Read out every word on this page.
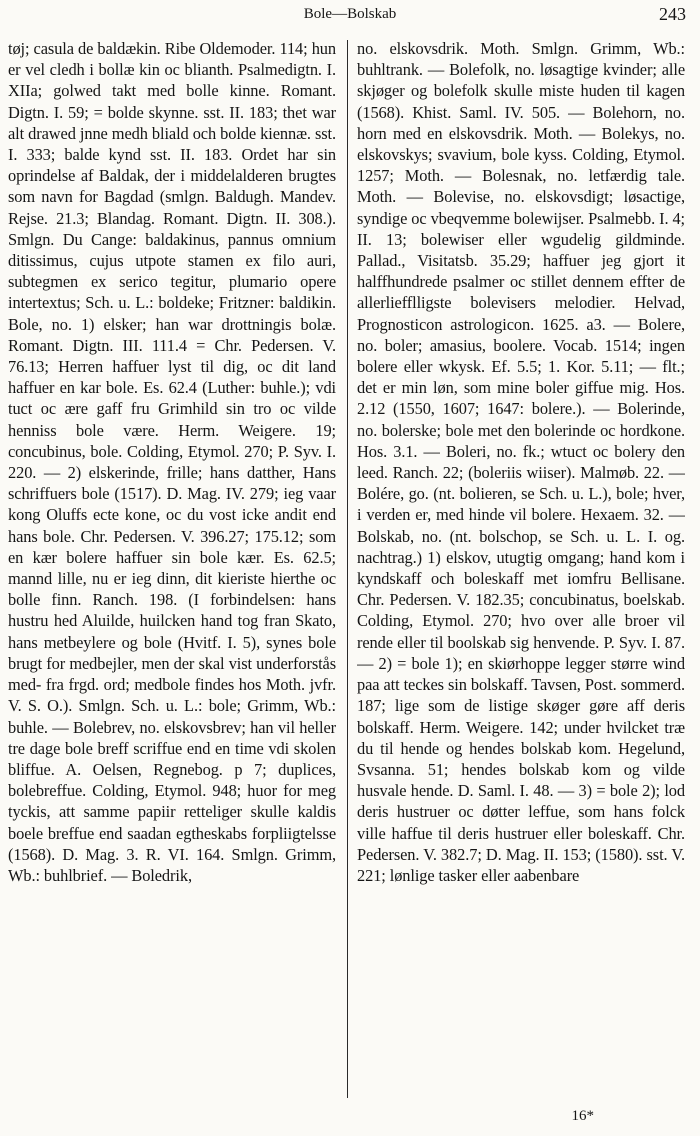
Bole—Bolskab	243

tøj; casula de baldækin. Ribe Oldemoder. 114; hun er vel cledh i bollæ kin oc blianth. Psalmedigtn. I. XIIa; golwed takt med bolle kinne. Romant. Digtn. I. 59; = bolde skynne. sst. II. 183; thet war alt drawed jnne medh bliald och bolde kiennæ. sst. I. 333; balde kynd sst. II. 183. Ordet har sin oprindelse af Baldak, der i middelalderen brugtes som navn for Bagdad (smlgn. Baldugh. Mandev. Rejse. 21.3; Blandag. Romant. Digtn. II. 308.). Smlgn. Du Cange: baldakinus, pannus omnium ditissimus, cujus utpote stamen ex filo auri, subtegmen ex serico tegitur, plumario opere intertextus; Sch. u. L.: boldeke; Fritzner: baldikin. Bole, no. 1) elsker; han war drottningis bolæ. Romant. Digtn. III. 111.4 = Chr. Pedersen. V. 76.13; Herren haffuer lyst til dig, oc dit land haffuer en kar bole. Es. 62.4 (Luther: buhle.); vdi tuct oc ære gaff fru Grimhild sin tro oc vilde henniss bole være. Herm. Weigere. 19; concubinus, bole. Colding, Etymol. 270; P. Syv. I. 220. — 2) elskerinde, frille; hans datther, Hans schriffuers bole (1517). D. Mag. IV. 279; ieg vaar kong Oluffs ecte kone, oc du vost icke andit end hans bole. Chr. Pedersen. V. 396.27; 175.12; som en kær bolere haffuer sin bole kær. Es. 62.5; mannd lille, nu er ieg dinn, dit kieriste hierthe oc bolle finn. Ranch. 198. (I forbindelsen: hans hustru hed Aluilde, huilcken hand tog fran Skato, hans metbeylere og bole (Hvitf. I. 5), synes bole brugt for medbejler, men der skal vist underforstås med- fra frgd. ord; medbole findes hos Moth. jvfr. V. S. O.). Smlgn. Sch. u. L.: bole; Grimm, Wb.: buhle. — Bolebrev, no. elskovsbrev; han vil heller tre dage bole breff scriffue end en time vdi skolen bliffue. A. Oelsen, Regnebog. p 7; duplices, bolebreffue. Colding, Etymol. 948; huor for meg tyckis, att samme papiir retteliger skulle kaldis boele breffue end saadan egtheskabs forpliigtelsse (1568). D. Mag. 3. R. VI. 164. Smlgn. Grimm, Wb.: buhlbrief. — Boledrik,

no. elskovsdrik. Moth. Smlgn. Grimm, Wb.: buhltrank. — Bolefolk, no. løsagtige kvinder; alle skjøger og bolefolk skulle miste huden til kagen (1568). Khist. Saml. IV. 505. — Bolehorn, no. horn med en elskovsdrik. Moth. — Bolekys, no. elskovskys; svavium, bole kyss. Colding, Etymol. 1257; Moth. — Bolesnak, no. letfærdig tale. Moth. — Bolevise, no. elskovsdigt; løsactige, syndige oc vbeqvemme bolewijser. Psalmebb. I. 4; II. 13; bolewiser eller wgudelig gildminde. Pallad., Visitatsb. 35.29; haffuer jeg gjort it halffhundrede psalmer oc stillet dennem effter de allerliefflligste bolevisers melodier. Helvad, Prognosticon astrologicon. 1625. a3. — Bolere, no. boler; amasius, boolere. Vocab. 1514; ingen bolere eller wkysk. Ef. 5.5; 1. Kor. 5.11; — flt.; det er min løn, som mine boler giffue mig. Hos. 2.12 (1550, 1607; 1647: bolere.). — Bolerinde, no. bolerske; bole met den bolerinde oc hordkone. Hos. 3.1. — Boleri, no. fk.; wtuct oc bolery den leed. Ranch. 22; (boleriis wiiser). Malmøb. 22. — Bolére, go. (nt. bolieren, se Sch. u. L.), bole; hver, i verden er, med hinde vil bolere. Hexaem. 32. — Bolskab, no. (nt. bolschop, se Sch. u. L. I. og. nachtrag.) 1) elskov, utugtig omgang; hand kom i kyndskaff och boleskaff met iomfru Bellisane. Chr. Pedersen. V. 182.35; concubinatus, boelskab. Colding, Etymol. 270; hvo over alle broer vil rende eller til boolskab sig henvende. P. Syv. I. 87. — 2) = bole 1); en skiørhoppe legger større wind paa att teckes sin bolskaff. Tavsen, Post. sommerd. 187; lige som de listige skøger gøre aff deris bolskaff. Herm. Weigere. 142; under hvilcket træ du til hende og hendes bolskab kom. Hegelund, Svsanna. 51; hendes bolskab kom og vilde husvale hende. D. Saml. I. 48. — 3) = bole 2); lod deris hustruer oc døtter leffue, som hans folck ville haffue til deris hustruer eller boleskaff. Chr. Pedersen. V. 382.7; D. Mag. II. 153; (1580). sst. V. 221; lønlige tasker eller aabenbare

16*
